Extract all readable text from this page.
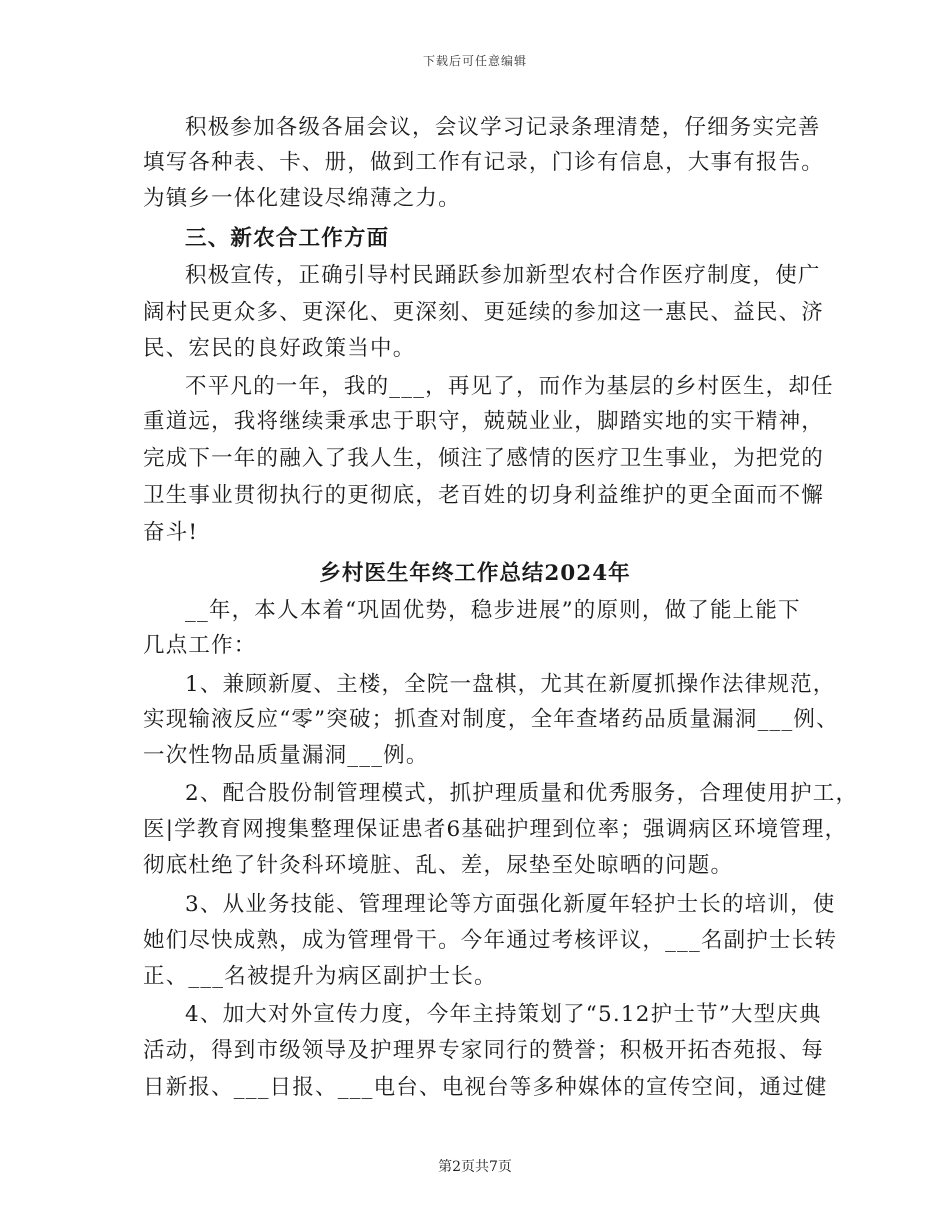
下载后可任意编辑
积极参加各级各届会议，会议学习记录条理清楚，仔细务实完善
填写各种表、卡、册，做到工作有记录，门诊有信息，大事有报告。
为镇乡一体化建设尽绵薄之力。
三、新农合工作方面
积极宣传，正确引导村民踊跃参加新型农村合作医疗制度，使广
阔村民更众多、更深化、更深刻、更延续的参加这一惠民、益民、济
民、宏民的良好政策当中。
不平凡的一年，我的___，再见了，而作为基层的乡村医生，却任
重道远，我将继续秉承忠于职守，兢兢业业，脚踏实地的实干精神，
完成下一年的融入了我人生，倾注了感情的医疗卫生事业，为把党的
卫生事业贯彻执行的更彻底，老百姓的切身利益维护的更全面而不懈
奋斗!
乡村医生年终工作总结2024年
__年，本人本着“巩固优势，稳步进展”的原则，做了能上能下
几点工作：
1、兼顾新厦、主楼，全院一盘棋，尤其在新厦抓操作法律规范，
实现输液反应“零”突破；抓查对制度，全年查堵药品质量漏洞___例、
一次性物品质量漏洞___例。
2、配合股份制管理模式，抓护理质量和优秀服务，合理使用护工，
医|学教育网搜集整理保证患者6基础护理到位率；强调病区环境管理，
彻底杜绝了针灸科环境脏、乱、差，尿垫至处晾晒的问题。
3、从业务技能、管理理论等方面强化新厦年轻护士长的培训，使
她们尽快成熟，成为管理骨干。今年通过考核评议，___名副护士长转
正、___名被提升为病区副护士长。
4、加大对外宣传力度，今年主持策划了“5.12护士节”大型庆典
活动，得到市级领导及护理界专家同行的赞誉；积极开拓杏苑报、每
日新报、___日报、___电台、电视台等多种媒体的宣传空间，通过健
第2页共7页
